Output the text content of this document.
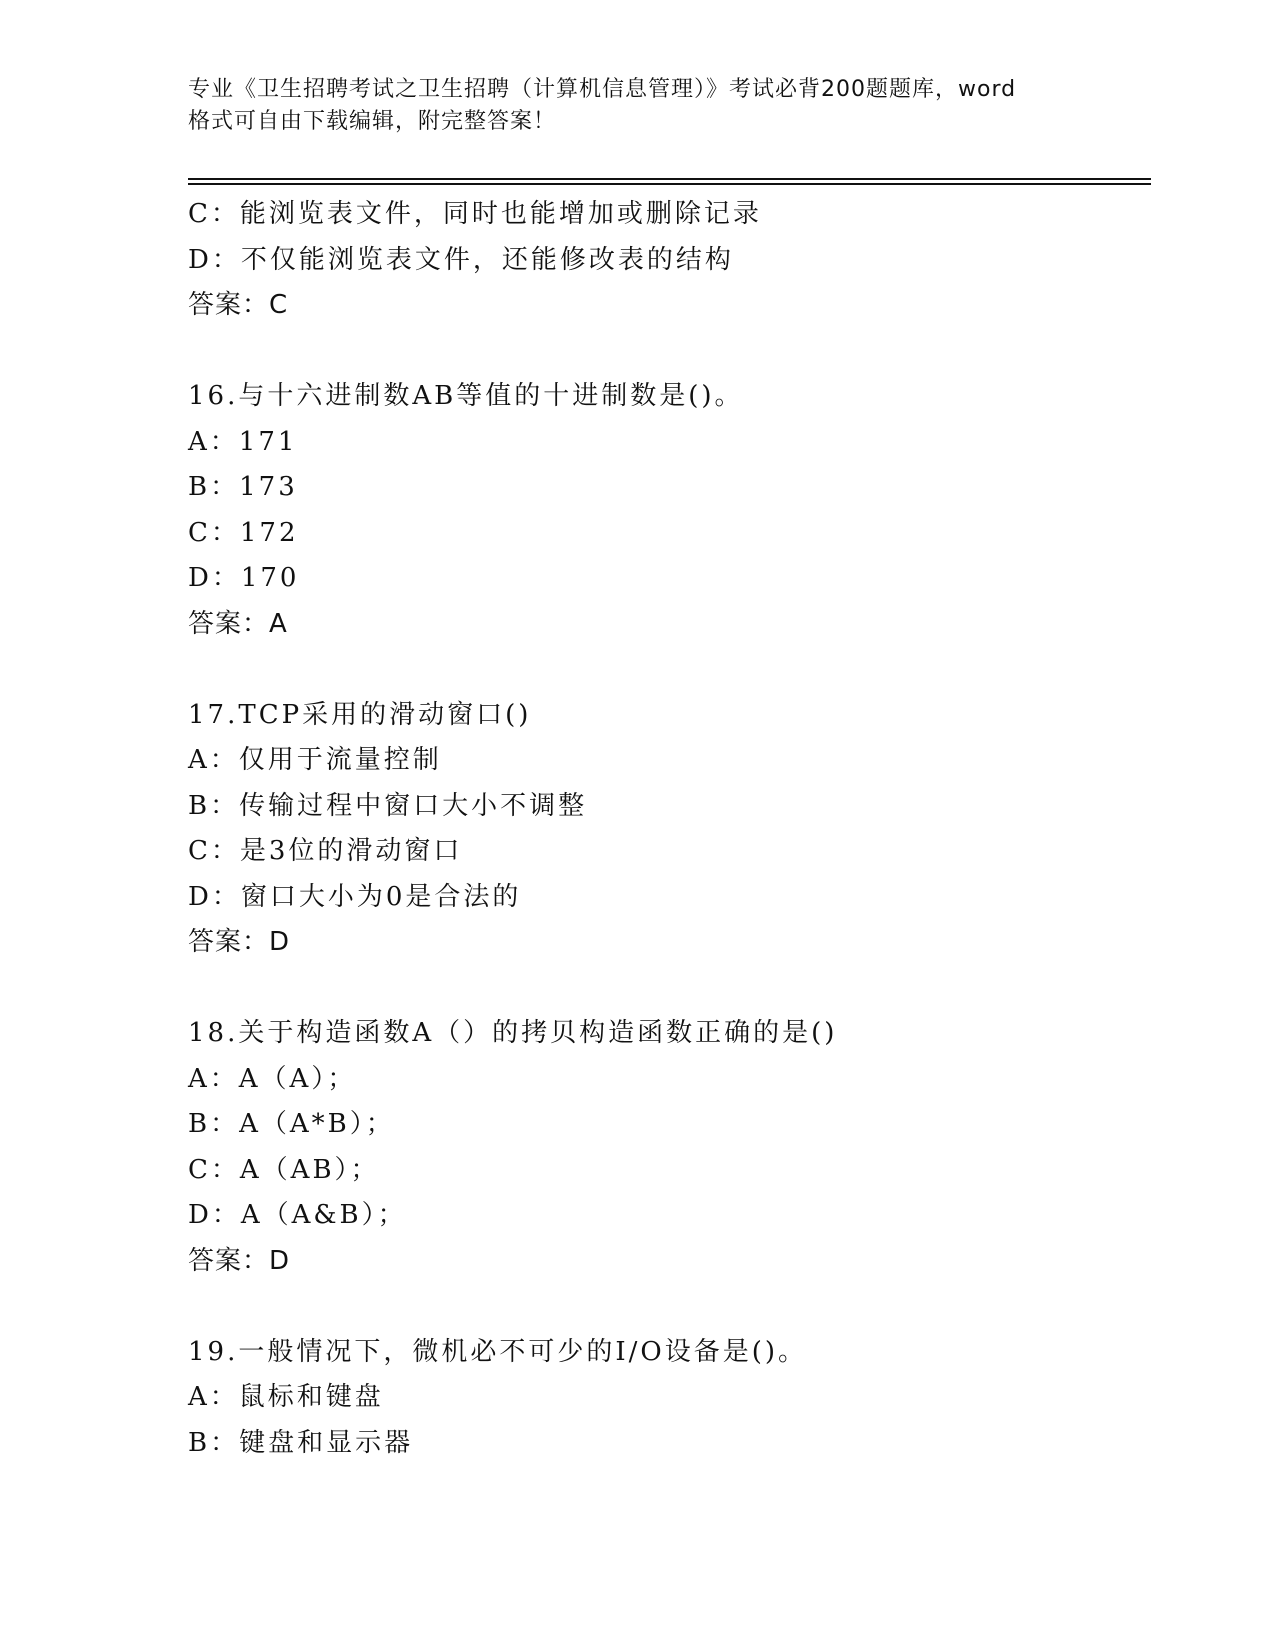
专业《卫生招聘考试之卫生招聘（计算机信息管理）》考试必背200题题库，word
格式可自由下载编辑，附完整答案！
C：能浏览表文件，同时也能增加或删除记录
D：不仅能浏览表文件，还能修改表的结构
答案：C
16.与十六进制数AB等值的十进制数是()。
A：171
B：173
C：172
D：170
答案：A
17.TCP采用的滑动窗口()
A：仅用于流量控制
B：传输过程中窗口大小不调整
C：是3位的滑动窗口
D：窗口大小为0是合法的
答案：D
18.关于构造函数A（）的拷贝构造函数正确的是()
A：A（A）；
B：A（A*B）；
C：A（AB）；
D：A（A&B）；
答案：D
19.一般情况下，微机必不可少的I/O设备是()。
A：鼠标和键盘
B：键盘和显示器
